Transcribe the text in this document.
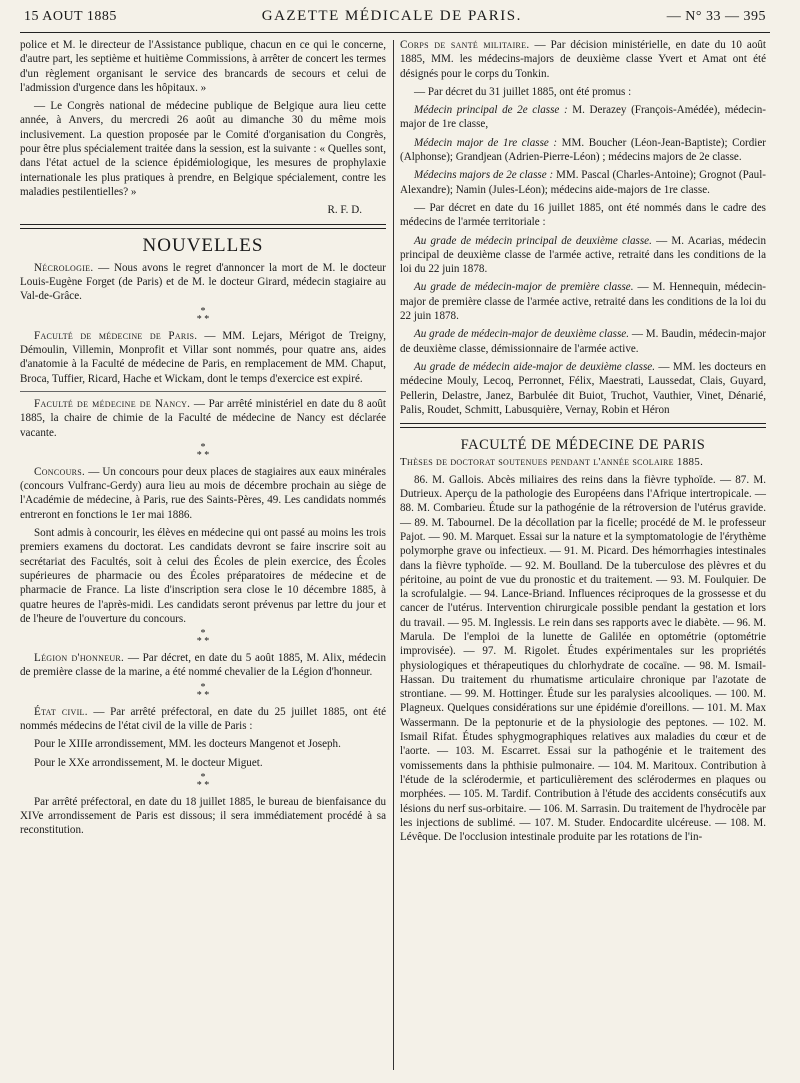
15 AOUT 1885	GAZETTE MÉDICALE DE PARIS.	— N° 33 — 395

police et M. le directeur de l'Assistance publique, chacun en ce qui le concerne, d'autre part, les septième et huitième Commissions, à arrêter de concert les termes d'un règlement organisant le service des brancards de secours et celui de l'admission d'urgence dans les hôpitaux. »

— Le Congrès national de médecine publique de Belgique aura lieu cette année, à Anvers, du mercredi 26 août au dimanche 30 du même mois inclusivement. La question proposée par le Comité d'organisation du Congrès, pour être plus spécialement traitée dans la session, est la suivante : « Quelles sont, dans l'état actuel de la science épidémiologique, les mesures de prophylaxie internationale les plus pratiques à prendre, en Belgique spécialement, contre les maladies pestilentielles? »

R. F. D.

NOUVELLES

Nécrologie. — Nous avons le regret d'annoncer la mort de M. le docteur Louis-Eugène Forget (de Paris) et de M. le docteur Girard, médecin stagiaire au Val-de-Grâce.

*
* *

Faculté de médecine de Paris. — MM. Lejars, Mérigot de Treigny, Démoulin, Villemin, Monprofit et Villar sont nommés, pour quatre ans, aides d'anatomie à la Faculté de médecine de Paris, en remplacement de MM. Chaput, Broca, Tuffier, Ricard, Hache et Wickam, dont le temps d'exercice est expiré.

Faculté de médecine de Nancy. — Par arrêté ministériel en date du 8 août 1885, la chaire de chimie de la Faculté de médecine de Nancy est déclarée vacante.

*
* *

Concours. — Un concours pour deux places de stagiaires aux eaux minérales (concours Vulfranc-Gerdy) aura lieu au mois de décembre prochain au siège de l'Académie de médecine, à Paris, rue des Saints-Pères, 49. Les candidats nommés entreront en fonctions le 1er mai 1886.

Sont admis à concourir, les élèves en médecine qui ont passé au moins les trois premiers examens du doctorat. Les candidats devront se faire inscrire soit au secrétariat des Facultés, soit à celui des Écoles de plein exercice, des Écoles supérieures de pharmacie ou des Écoles préparatoires de médecine et de pharmacie de France. La liste d'inscription sera close le 10 décembre 1885, à quatre heures de l'après-midi. Les candidats seront prévenus par lettre du jour et de l'heure de l'ouverture du concours.

*
* *

Légion d'honneur. — Par décret, en date du 5 août 1885, M. Alix, médecin de première classe de la marine, a été nommé chevalier de la Légion d'honneur.

*
* *

État civil. — Par arrêté préfectoral, en date du 25 juillet 1885, ont été nommés médecins de l'état civil de la ville de Paris :

Pour le XIIIe arrondissement, MM. les docteurs Mangenot et Joseph.

Pour le XXe arrondissement, M. le docteur Miguet.

*
* *

Par arrêté préfectoral, en date du 18 juillet 1885, le bureau de bienfaisance du XIVe arrondissement de Paris est dissous; il sera immédiatement procédé à sa reconstitution.

Corps de santé militaire. — Par décision ministérielle, en date du 10 août 1885, MM. les médecins-majors de deuxième classe Yvert et Amat ont été désignés pour le corps du Tonkin.

— Par décret du 31 juillet 1885, ont été promus :

Médecin principal de 2e classe : M. Derazey (François-Amédée), médecin-major de 1re classe,

Médecin major de 1re classe : MM. Boucher (Léon-Jean-Baptiste); Cordier (Alphonse); Grandjean (Adrien-Pierre-Léon) ; médecins majors de 2e classe.

Médecins majors de 2e classe : MM. Pascal (Charles-Antoine); Grognot (Paul-Alexandre); Namin (Jules-Léon); médecins aide-majors de 1re classe.

— Par décret en date du 16 juillet 1885, ont été nommés dans le cadre des médecins de l'armée territoriale :

Au grade de médecin principal de deuxième classe. — M. Acarias, médecin principal de deuxième classe de l'armée active, retraité dans les conditions de la loi du 22 juin 1878.

Au grade de médecin-major de première classe. — M. Hennequin, médecin-major de première classe de l'armée active, retraité dans les conditions de la loi du 22 juin 1878.

Au grade de médecin-major de deuxième classe. — M. Baudin, médecin-major de deuxième classe, démissionnaire de l'armée active.

Au grade de médecin aide-major de deuxième classe. — MM. les docteurs en médecine Mouly, Lecoq, Perronnet, Félix, Maestrati, Laussedat, Clais, Guyard, Pellerin, Delastre, Janez, Barbulée dit Buiot, Truchot, Vauthier, Vinet, Dénarié, Palis, Roudet, Schmitt, Labusquière, Vernay, Robin et Héron

FACULTÉ DE MÉDECINE DE PARIS

Thèses de doctorat soutenues pendant l'année scolaire 1885.

86. M. Gallois. Abcès miliaires des reins dans la fièvre typhoïde. — 87. M. Dutrieux. Aperçu de la pathologie des Européens dans l'Afrique intertropicale. — 88. M. Combarieu. Étude sur la pathogénie de la rétroversion de l'utérus gravide. — 89. M. Tabournel. De la décollation par la ficelle; procédé de M. le professeur Pajot. — 90. M. Marquet. Essai sur la nature et la symptomatologie de l'érythème polymorphe grave ou infectieux. — 91. M. Picard. Des hémorrhagies intestinales dans la fièvre typhoïde. — 92. M. Boulland. De la tuberculose des plèvres et du péritoine, au point de vue du pronostic et du traitement. — 93. M. Foulquier. De la scrofulalgie. — 94. Lance-Briand. Influences réciproques de la grossesse et du cancer de l'utérus. Intervention chirurgicale possible pendant la gestation et lors du travail. — 95. M. Inglessis. Le rein dans ses rapports avec le diabète. — 96. M. Marula. De l'emploi de la lunette de Galilée en optométrie (optométrie improvisée). — 97. M. Rigolet. Études expérimentales sur les propriétés physiologiques et thérapeutiques du chlorhydrate de cocaïne. — 98. M. Ismail-Hassan. Du traitement du rhumatisme articulaire chronique par l'azotate de strontiane. — 99. M. Hottinger. Étude sur les paralysies alcooliques. — 100. M. Plagneux. Quelques considérations sur une épidémie d'oreillons. — 101. M. Max Wassermann. De la peptonurie et de la physiologie des peptones. — 102. M. Ismail Rifat. Études sphygmographiques relatives aux maladies du cœur et de l'aorte. — 103. M. Escarret. Essai sur la pathogénie et le traitement des vomissements dans la phthisie pulmonaire. — 104. M. Maritoux. Contribution à l'étude de la sclérodermie, et particulièrement des sclérodermes en plaques ou morphées. — 105. M. Tardif. Contribution à l'étude des accidents consécutifs aux lésions du nerf sus-orbitaire. — 106. M. Sarrasin. Du traitement de l'hydrocèle par les injections de sublimé. — 107. M. Studer. Endocardite ulcéreuse. — 108. M. Lévêque. De l'occlusion intestinale produite par les rotations de l'in-
